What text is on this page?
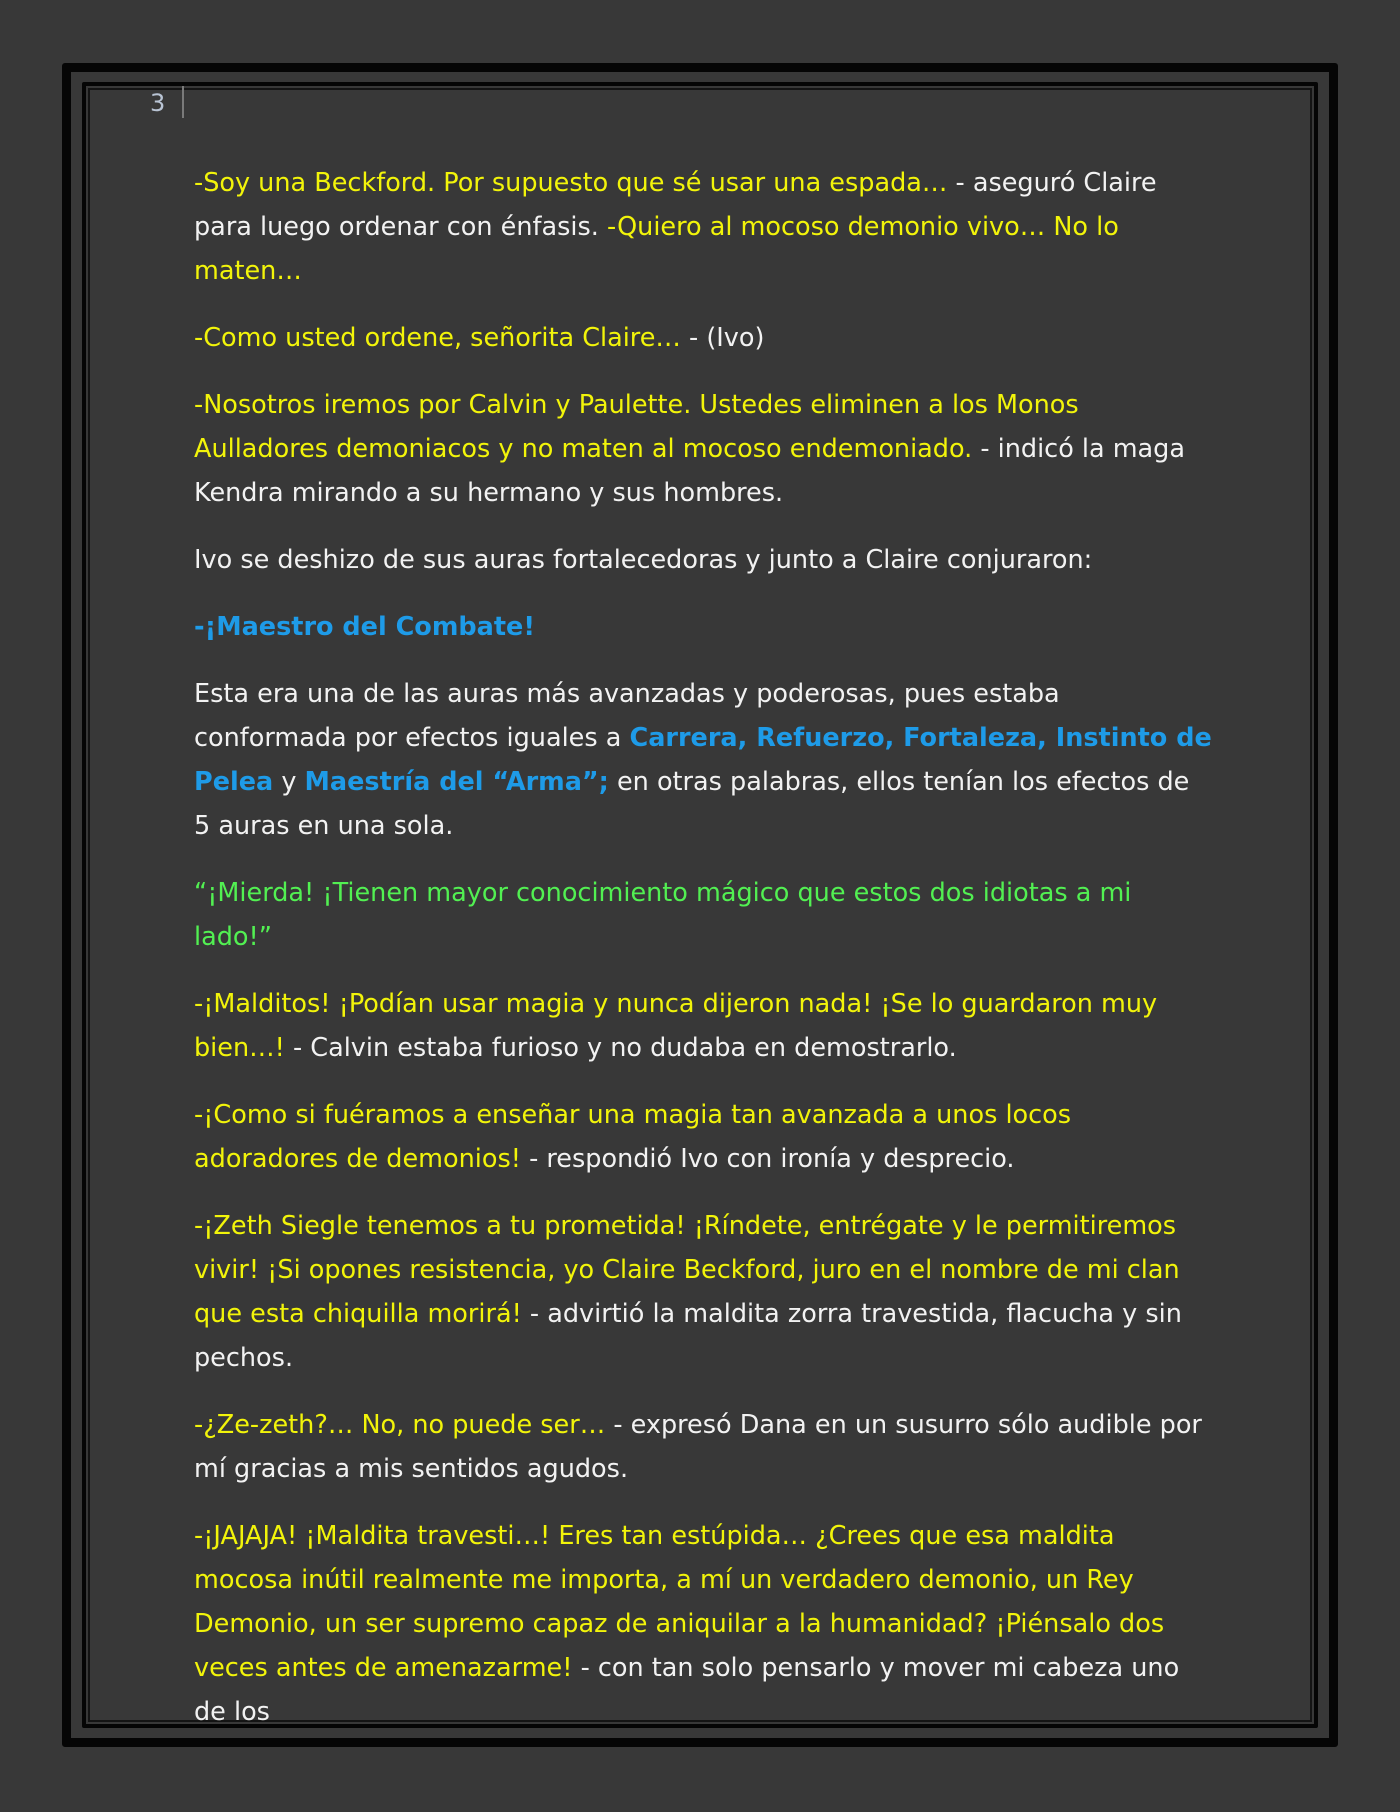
3

-Soy una Beckford. Por supuesto que sé usar una espada… - aseguró Claire para luego ordenar con énfasis. -Quiero al mocoso demonio vivo… No lo maten…

-Como usted ordene, señorita Claire… - (Ivo)

-Nosotros iremos por Calvin y Paulette. Ustedes eliminen a los Monos Aulladores demoniacos y no maten al mocoso endemoniado. - indicó la maga Kendra mirando a su hermano y sus hombres.

Ivo se deshizo de sus auras fortalecedoras y junto a Claire conjuraron:

-¡Maestro del Combate!

Esta era una de las auras más avanzadas y poderosas, pues estaba conformada por efectos iguales a Carrera, Refuerzo, Fortaleza, Instinto de Pelea y Maestría del “Arma”; en otras palabras, ellos tenían los efectos de 5 auras en una sola.

“¡Mierda! ¡Tienen mayor conocimiento mágico que estos dos idiotas a mi lado!”

-¡Malditos! ¡Podían usar magia y nunca dijeron nada! ¡Se lo guardaron muy bien…! - Calvin estaba furioso y no dudaba en demostrarlo.

-¡Como si fuéramos a enseñar una magia tan avanzada a unos locos adoradores de demonios! - respondió Ivo con ironía y desprecio.

-¡Zeth Siegle tenemos a tu prometida! ¡Ríndete, entrégate y le permitiremos vivir! ¡Si opones resistencia, yo Claire Beckford, juro en el nombre de mi clan que esta chiquilla morirá! - advirtió la maldita zorra travestida, flacucha y sin pechos.

-¿Ze-zeth?… No, no puede ser… - expresó Dana en un susurro sólo audible por mí gracias a mis sentidos agudos.

-¡JAJAJA! ¡Maldita travesti…! Eres tan estúpida… ¿Crees que esa maldita mocosa inútil realmente me importa, a mí un verdadero demonio, un Rey Demonio, un ser supremo capaz de aniquilar a la humanidad? ¡Piénsalo dos veces antes de amenazarme! - con tan solo pensarlo y mover mi cabeza uno de los
